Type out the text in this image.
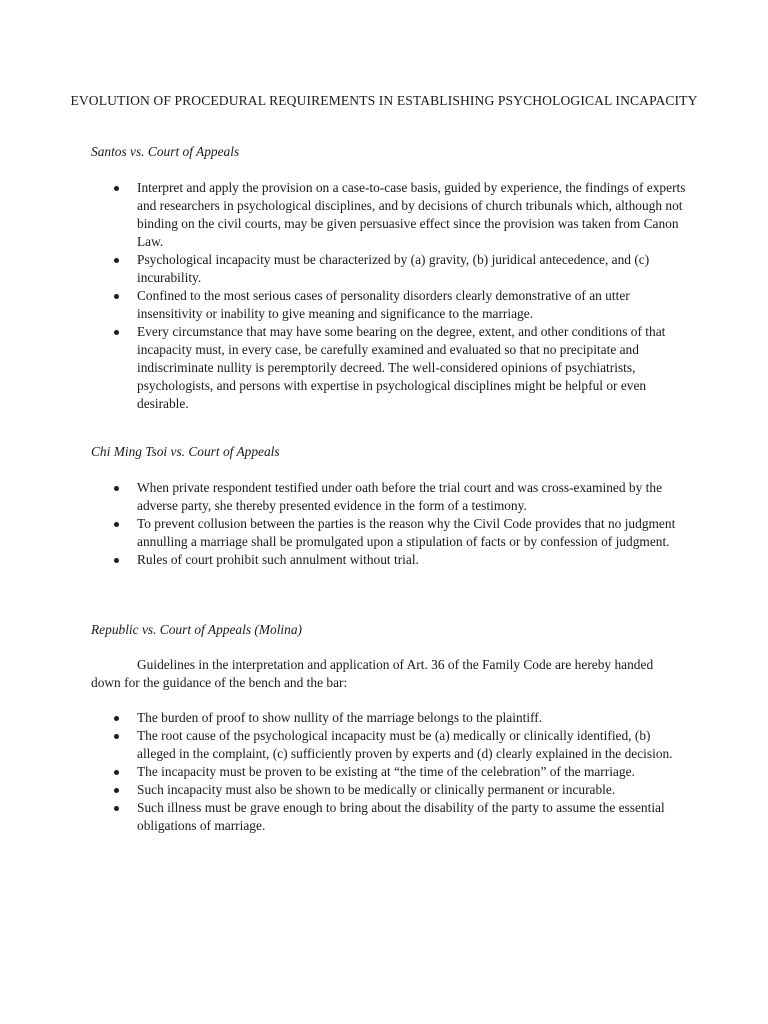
EVOLUTION OF PROCEDURAL REQUIREMENTS IN ESTABLISHING PSYCHOLOGICAL INCAPACITY
Santos vs. Court of Appeals
Interpret and apply the provision on a case-to-case basis, guided by experience, the findings of experts and researchers in psychological disciplines, and by decisions of church tribunals which, although not binding on the civil courts, may be given persuasive effect since the provision was taken from Canon Law.
Psychological incapacity must be characterized by (a) gravity, (b) juridical antecedence, and (c) incurability.
Confined to the most serious cases of personality disorders clearly demonstrative of an utter insensitivity or inability to give meaning and significance to the marriage.
Every circumstance that may have some bearing on the degree, extent, and other conditions of that incapacity must, in every case, be carefully examined and evaluated so that no precipitate and indiscriminate nullity is peremptorily decreed. The well-considered opinions of psychiatrists, psychologists, and persons with expertise in psychological disciplines might be helpful or even desirable.
Chi Ming Tsoi vs. Court of Appeals
When private respondent testified under oath before the trial court and was cross-examined by the adverse party, she thereby presented evidence in the form of a testimony.
To prevent collusion between the parties is the reason why the Civil Code provides that no judgment annulling a marriage shall be promulgated upon a stipulation of facts or by confession of judgment.
Rules of court prohibit such annulment without trial.
Republic vs. Court of Appeals (Molina)

Guidelines in the interpretation and application of Art. 36 of the Family Code are hereby handed down for the guidance of the bench and the bar:

The burden of proof to show nullity of the marriage belongs to the plaintiff.
The root cause of the psychological incapacity must be (a) medically or clinically identified, (b) alleged in the complaint, (c) sufficiently proven by experts and (d) clearly explained in the decision.
The incapacity must be proven to be existing at “the time of the celebration” of the marriage.
Such incapacity must also be shown to be medically or clinically permanent or incurable.
Such illness must be grave enough to bring about the disability of the party to assume the essential obligations of marriage.
